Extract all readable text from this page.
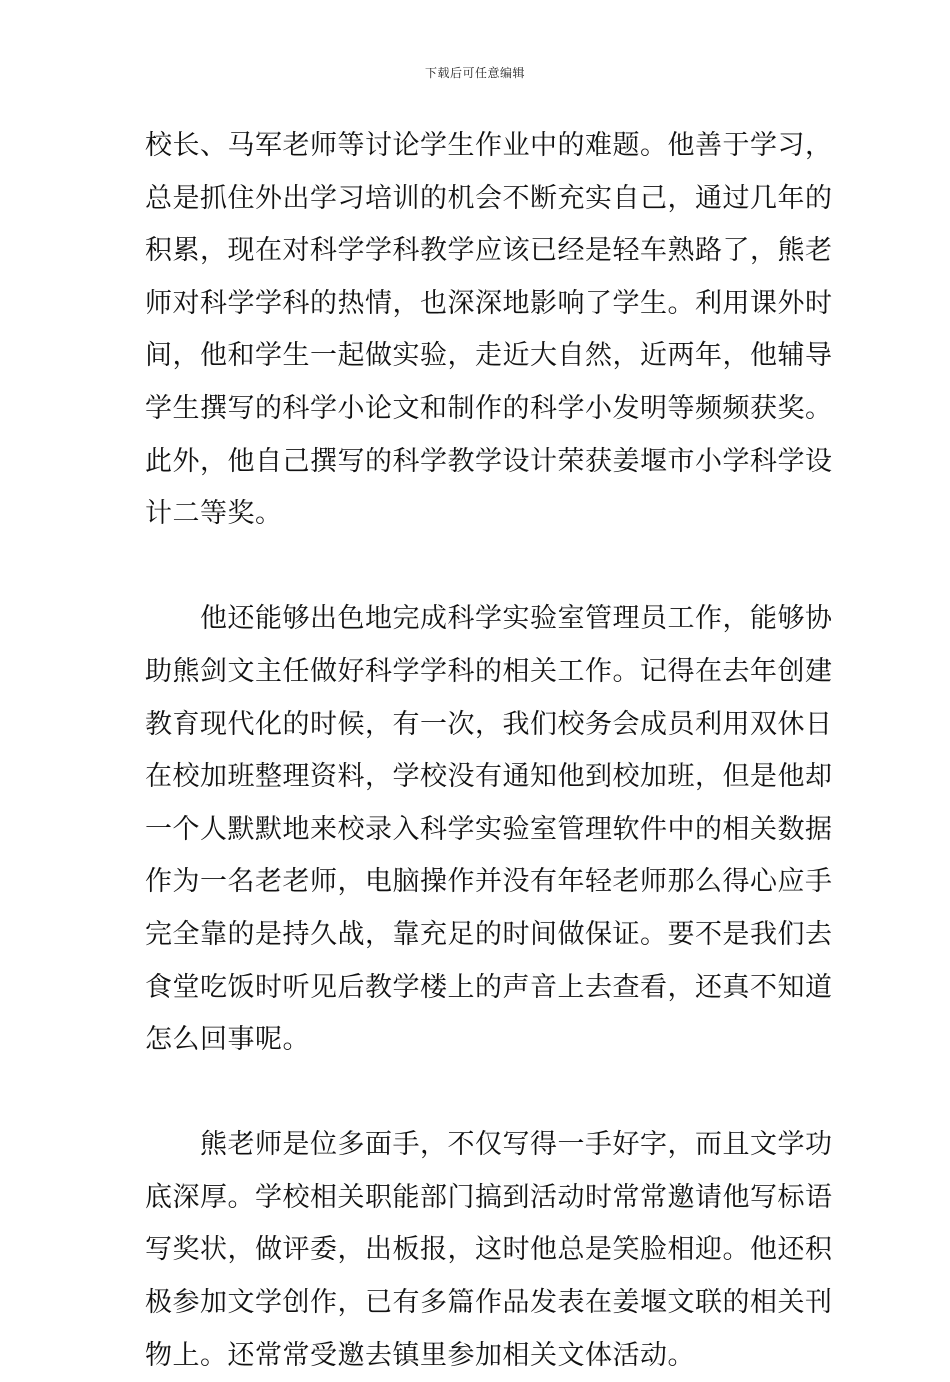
下载后可任意编辑
校长、马军老师等讨论学生作业中的难题。他善于学习，
总是抓住外出学习培训的机会不断充实自己，通过几年的
积累，现在对科学学科教学应该已经是轻车熟路了，熊老
师对科学学科的热情，也深深地影响了学生。利用课外时
间，他和学生一起做实验，走近大自然，近两年，他辅导
学生撰写的科学小论文和制作的科学小发明等频频获奖。
此外，他自己撰写的科学教学设计荣获姜堰市小学科学设
计二等奖。
他还能够出色地完成科学实验室管理员工作，能够协
助熊剑文主任做好科学学科的相关工作。记得在去年创建
教育现代化的时候，有一次，我们校务会成员利用双休日
在校加班整理资料，学校没有通知他到校加班，但是他却
一个人默默地来校录入科学实验室管理软件中的相关数据
作为一名老老师，电脑操作并没有年轻老师那么得心应手
完全靠的是持久战，靠充足的时间做保证。要不是我们去
食堂吃饭时听见后教学楼上的声音上去查看，还真不知道
怎么回事呢。
熊老师是位多面手，不仅写得一手好字，而且文学功
底深厚。学校相关职能部门搞到活动时常常邀请他写标语
写奖状，做评委，出板报，这时他总是笑脸相迎。他还积
极参加文学创作，已有多篇作品发表在姜堰文联的相关刊
物上。还常常受邀去镇里参加相关文体活动。
